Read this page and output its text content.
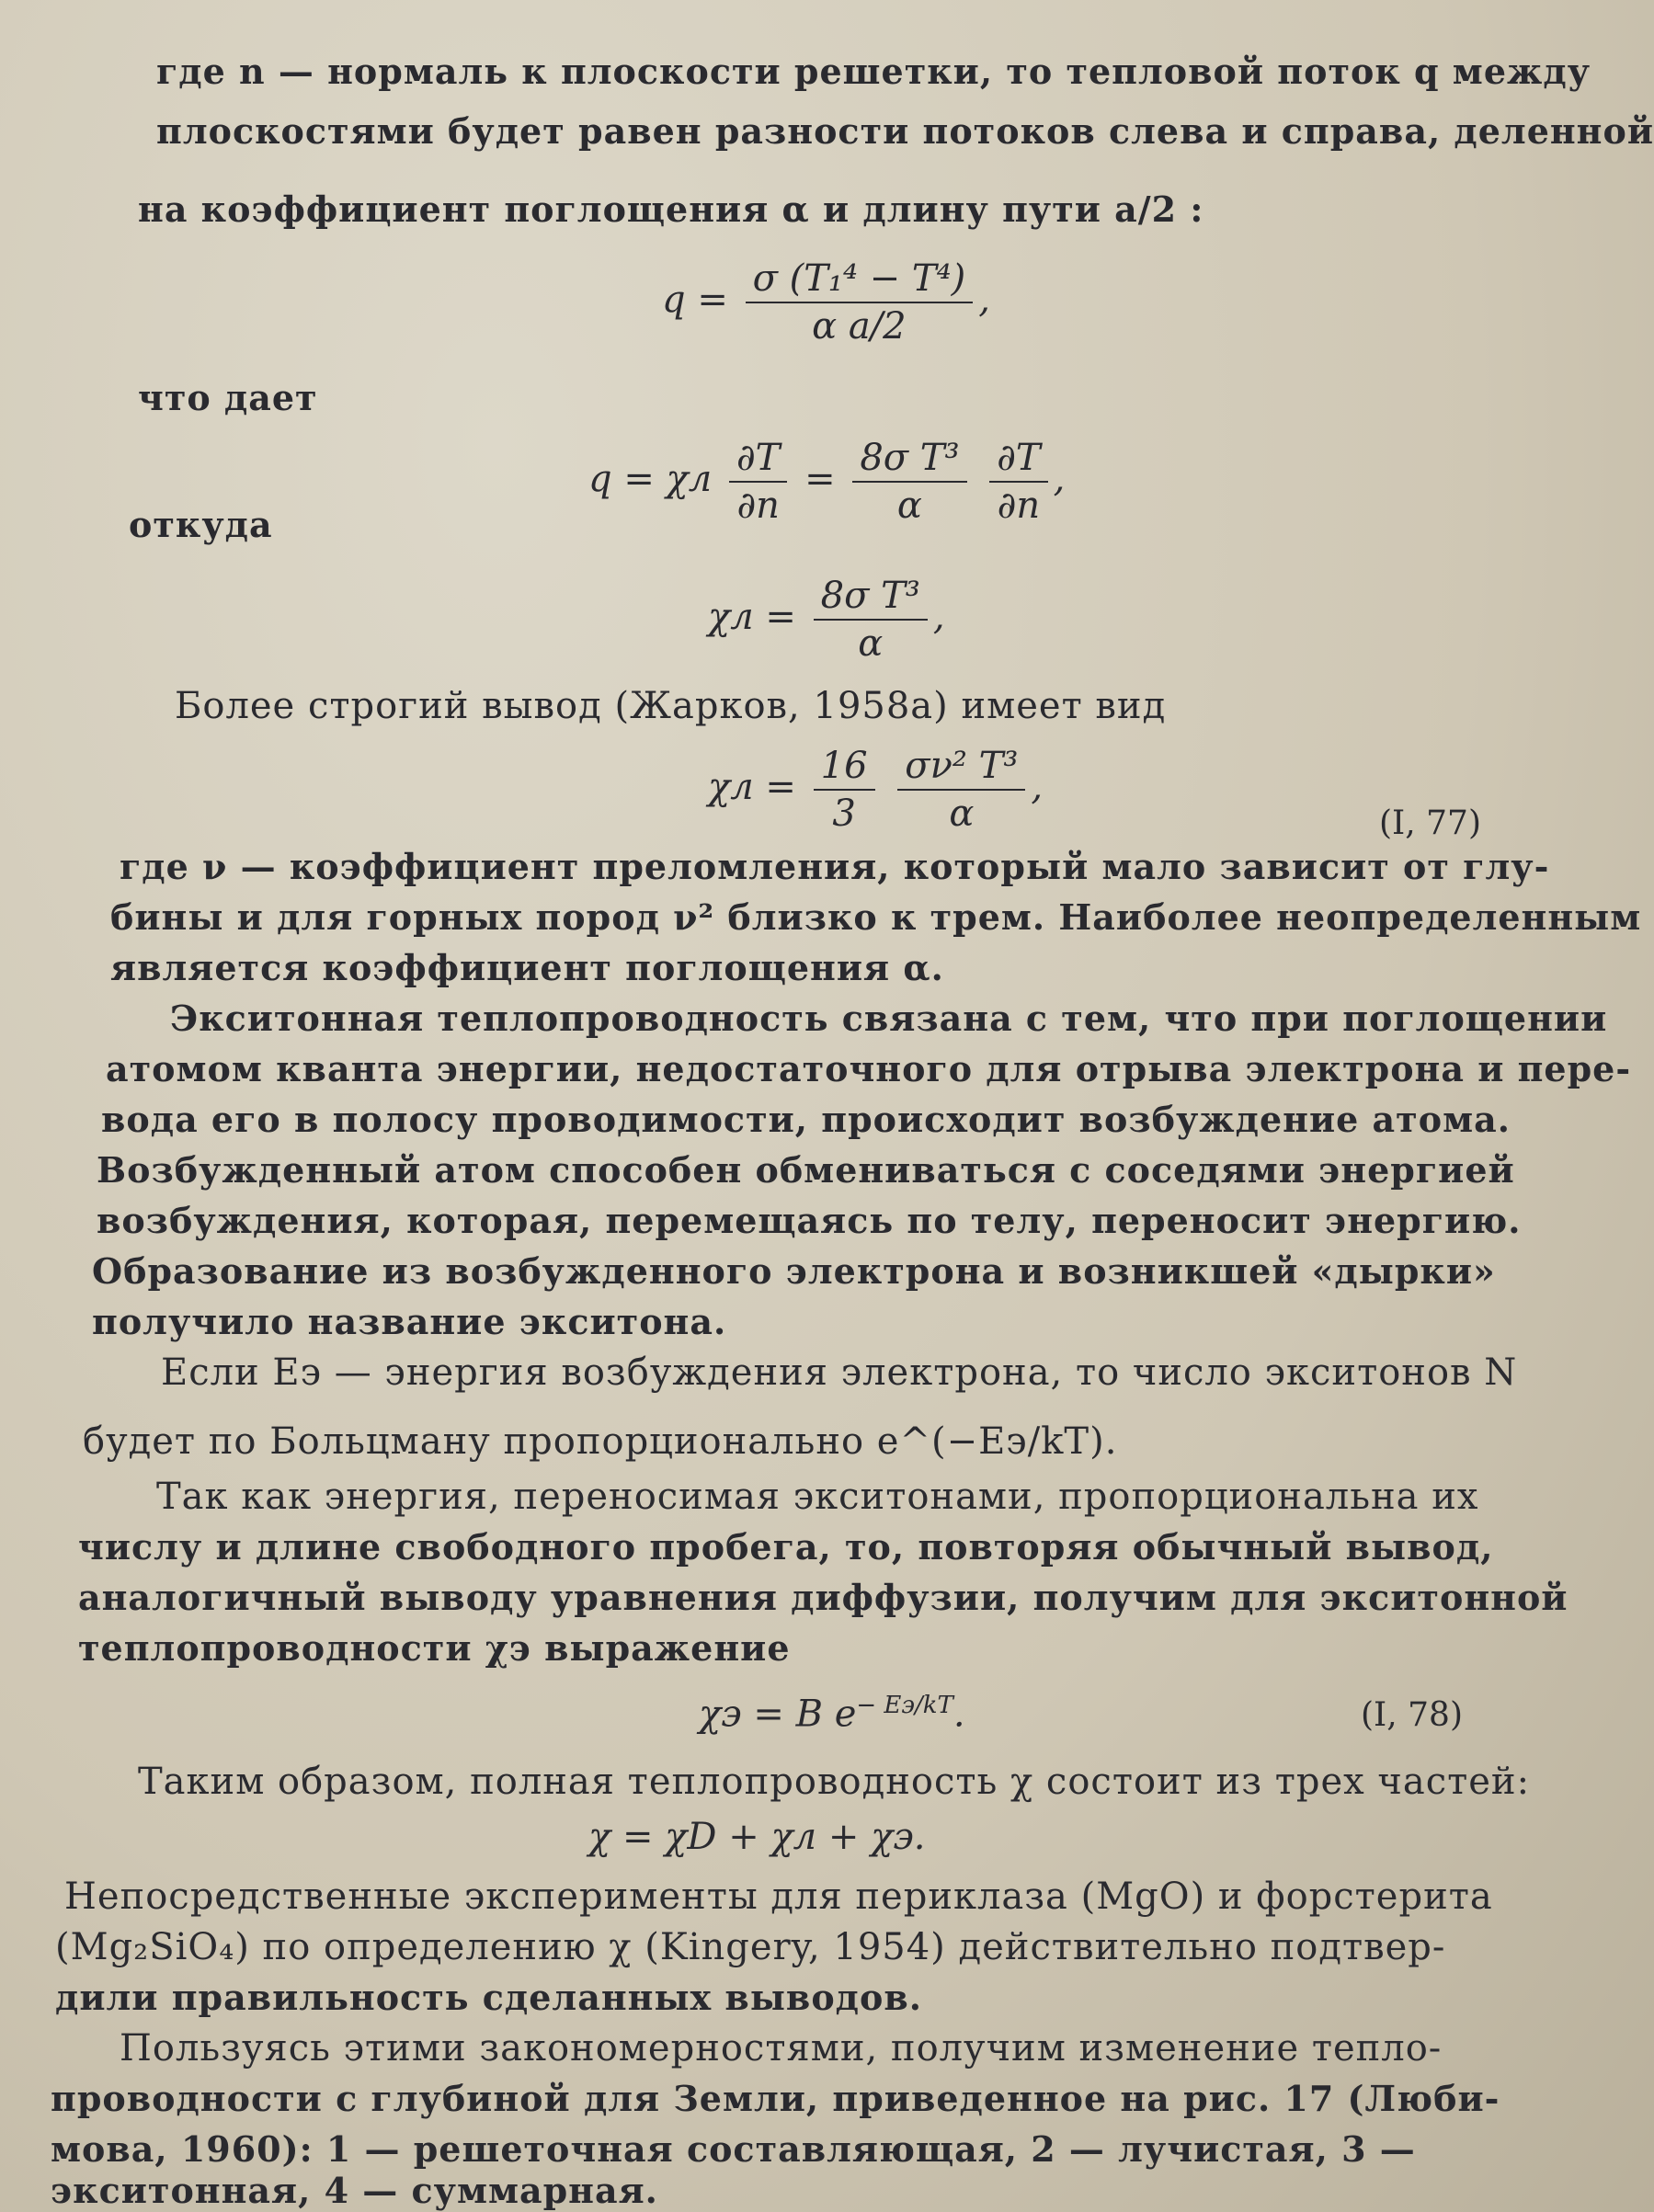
где n — нормаль к плоскости решетки, то тепловой поток q между
плоскостями будет равен разности потоков слева и справа, деленной
на коэффициент поглощения α и длину пути a/2 :
$q = \frac{\text{σ (T₁⁴ − T⁴)}}{\text{α a/2}}$ ,
что дает
q = χл $\frac{\partial T}{\partial n} = \frac{\text{8σ T³}}{\alpha}$
$\frac{\partial T}{\partial n}$ ,
откуда
$\chi л = \frac{\text{8σ T³}}{\alpha}$ ,
Более строгий вывод (Жарков, 1958а) имеет вид
$\chi л = \frac{16}{3}$
$\frac{\text{σν² T³}}{\alpha}$ ,
(I, 77)
где ν — коэффициент преломления, который мало зависит от глу-
бины и для горных пород ν² близко к трем. Наиболее неопределенным
является коэффициент поглощения α.
Экситонная теплопроводность связана с тем, что при поглощении
атомом кванта энергии, недостаточного для отрыва электрона и пере-
вода его в полосу проводимости, происходит возбуждение атома.
Возбужденный атом способен обмениваться с соседями энергией
возбуждения, которая, перемещаясь по телу, переносит энергию.
Образование из возбужденного электрона и возникшей «дырки»
получило название экситона.
Если Eэ — энергия возбуждения электрона, то число экситонов N
будет по Больцману пропорционально e^(−Eэ/kT).
Так как энергия, переносимая экситонами, пропорциональна их
числу и длине свободного пробега, то, повторяя обычный вывод,
аналогичный выводу уравнения диффузии, получим для экситонной
теплопроводности χэ выражение
χэ = B $e^{- Eэ/kT}$.	(I, 78)
Таким образом, полная теплопроводность χ состоит из трех частей:
χ = χD + χл + χэ.
Непосредственные эксперименты для периклаза (MgO) и форстерита
(Mg₂SiO₄) по определению χ (Kingery, 1954) действительно подтвер-
дили правильность сделанных выводов.
Пользуясь этими закономерностями, получим изменение тепло-
проводности с глубиной для Земли, приведенное на рис. 17 (Люби-
мова, 1960): 1 — решеточная составляющая, 2 — лучистая, 3 —
экситонная, 4 — суммарная.
